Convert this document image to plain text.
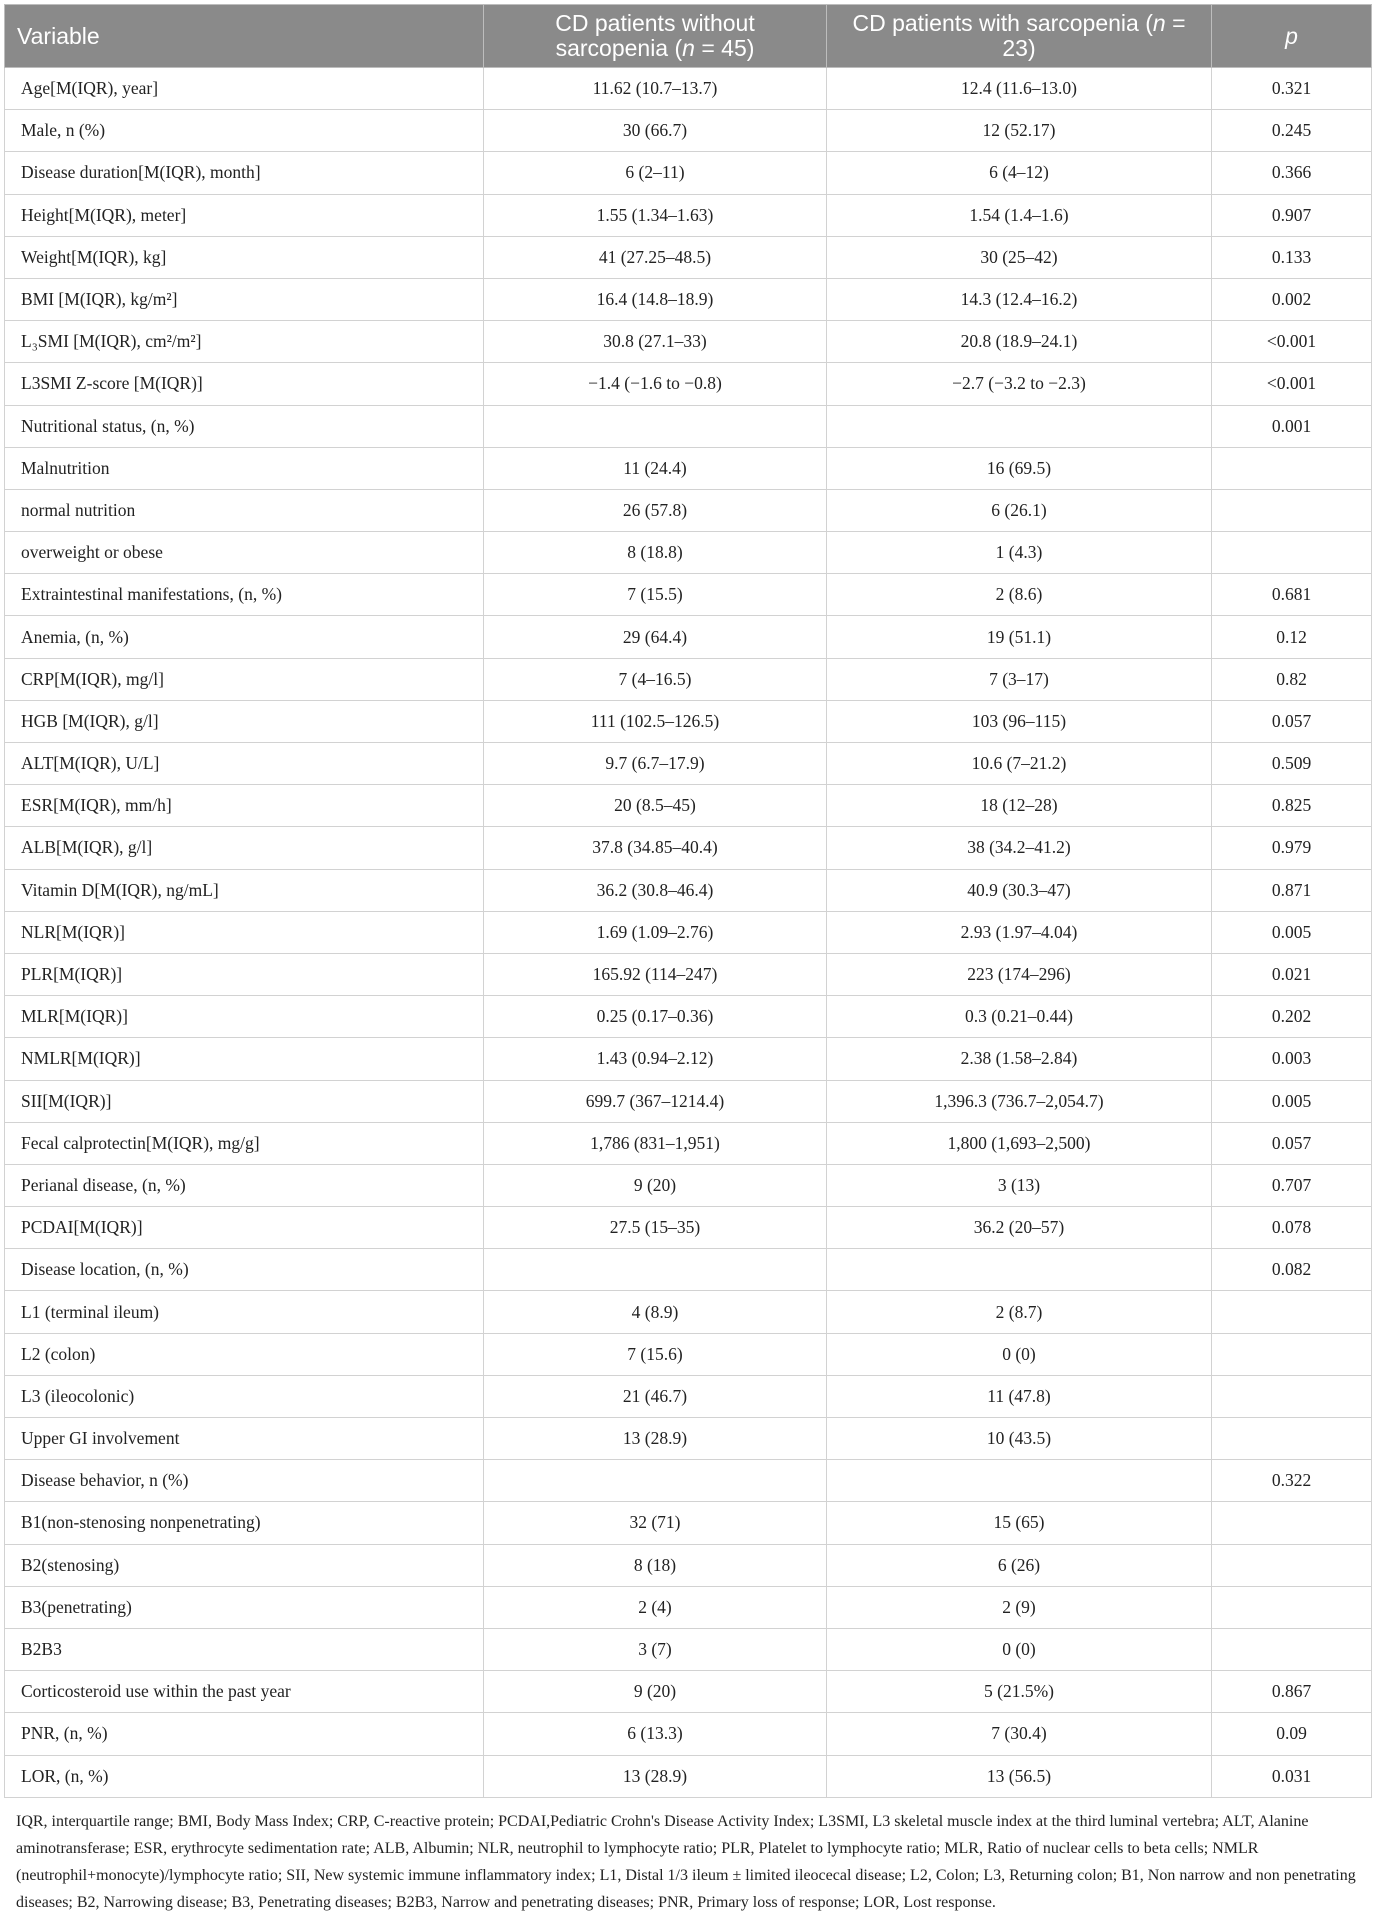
Variable	CD patients without sarcopenia (n = 45)	CD patients with sarcopenia (n = 23)	p
Age[M(IQR), year]	11.62 (10.7–13.7)	12.4 (11.6–13.0)	0.321
Male, n (%)	30 (66.7)	12 (52.17)	0.245
Disease duration[M(IQR), month]	6 (2–11)	6 (4–12)	0.366
Height[M(IQR), meter]	1.55 (1.34–1.63)	1.54 (1.4–1.6)	0.907
Weight[M(IQR), kg]	41 (27.25–48.5)	30 (25–42)	0.133
BMI [M(IQR), kg/m²]	16.4 (14.8–18.9)	14.3 (12.4–16.2)	0.002
L₃SMI [M(IQR), cm²/m²]	30.8 (27.1–33)	20.8 (18.9–24.1)	<0.001
L3SMI Z-score [M(IQR)]	−1.4 (−1.6 to −0.8)	−2.7 (−3.2 to −2.3)	<0.001
Nutritional status, (n, %)			0.001
Malnutrition	11 (24.4)	16 (69.5)	
normal nutrition	26 (57.8)	6 (26.1)	
overweight or obese	8 (18.8)	1 (4.3)	
Extraintestinal manifestations, (n, %)	7 (15.5)	2 (8.6)	0.681
Anemia, (n, %)	29 (64.4)	19 (51.1)	0.12
CRP[M(IQR), mg/l]	7 (4–16.5)	7 (3–17)	0.82
HGB [M(IQR), g/l]	111 (102.5–126.5)	103 (96–115)	0.057
ALT[M(IQR), U/L]	9.7 (6.7–17.9)	10.6 (7–21.2)	0.509
ESR[M(IQR), mm/h]	20 (8.5–45)	18 (12–28)	0.825
ALB[M(IQR), g/l]	37.8 (34.85–40.4)	38 (34.2–41.2)	0.979
Vitamin D[M(IQR), ng/mL]	36.2 (30.8–46.4)	40.9 (30.3–47)	0.871
NLR[M(IQR)]	1.69 (1.09–2.76)	2.93 (1.97–4.04)	0.005
PLR[M(IQR)]	165.92 (114–247)	223 (174–296)	0.021
MLR[M(IQR)]	0.25 (0.17–0.36)	0.3 (0.21–0.44)	0.202
NMLR[M(IQR)]	1.43 (0.94–2.12)	2.38 (1.58–2.84)	0.003
SII[M(IQR)]	699.7 (367–1214.4)	1,396.3 (736.7–2,054.7)	0.005
Fecal calprotectin[M(IQR), mg/g]	1,786 (831–1,951)	1,800 (1,693–2,500)	0.057
Perianal disease, (n, %)	9 (20)	3 (13)	0.707
PCDAI[M(IQR)]	27.5 (15–35)	36.2 (20–57)	0.078
Disease location, (n, %)			0.082
L1 (terminal ileum)	4 (8.9)	2 (8.7)	
L2 (colon)	7 (15.6)	0 (0)	
L3 (ileocolonic)	21 (46.7)	11 (47.8)	
Upper GI involvement	13 (28.9)	10 (43.5)	
Disease behavior, n (%)			0.322
B1(non-stenosing nonpenetrating)	32 (71)	15 (65)	
B2(stenosing)	8 (18)	6 (26)	
B3(penetrating)	2 (4)	2 (9)	
B2B3	3 (7)	0 (0)	
Corticosteroid use within the past year	9 (20)	5 (21.5%)	0.867
PNR, (n, %)	6 (13.3)	7 (30.4)	0.09
LOR, (n, %)	13 (28.9)	13 (56.5)	0.031
IQR, interquartile range; BMI, Body Mass Index; CRP, C-reactive protein; PCDAI,Pediatric Crohn's Disease Activity Index; L3SMI, L3 skeletal muscle index at the third luminal vertebra; ALT, Alanine aminotransferase; ESR, erythrocyte sedimentation rate; ALB, Albumin; NLR, neutrophil to lymphocyte ratio; PLR, Platelet to lymphocyte ratio; MLR, Ratio of nuclear cells to beta cells; NMLR (neutrophil+monocyte)/lymphocyte ratio; SII, New systemic immune inflammatory index; L1, Distal 1/3 ileum ± limited ileocecal disease; L2, Colon; L3, Returning colon; B1, Non narrow and non penetrating diseases; B2, Narrowing disease; B3, Penetrating diseases; B2B3, Narrow and penetrating diseases; PNR, Primary loss of response; LOR, Lost response.
